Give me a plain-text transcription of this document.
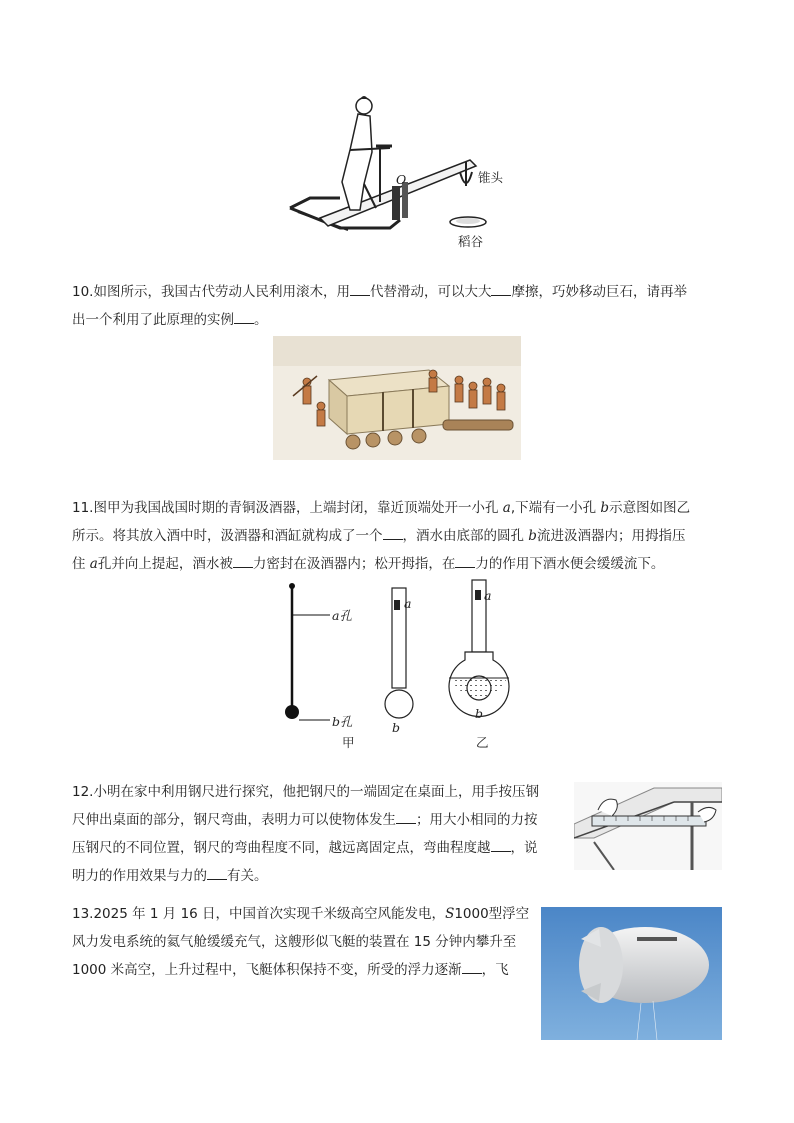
O	锥头
稻谷
10.如图所示，我国古代劳动人民利用滚木，用 代替滑动，可以大大 摩擦，巧妙移动巨石，请再举
出一个利用了此原理的实例 。
11.图甲为我国战国时期的青铜汲酒器，上端封闭，靠近顶端处开一小孔 a,下端有一小孔 b示意图如图乙
所示。将其放入酒中时，汲酒器和酒缸就构成了一个 ，酒水由底部的圆孔 b流进汲酒器内；用拇指压
住 a孔并向上提起，酒水被 力密封在汲酒器内；松开拇指，在 力的作用下酒水便会缓缓流下。
a孔
b孔
甲
a
b
a
b
乙
12.小明在家中利用钢尺进行探究，他把钢尺的一端固定在桌面上，用手按压钢
尺伸出桌面的部分，钢尺弯曲，表明力可以使物体发生 ；用大小相同的力按
压钢尺的不同位置，钢尺的弯曲程度不同，越远离固定点，弯曲程度越 ，说
明力的作用效果与力的 有关。
13.2025 年 1 月 16 日，中国首次实现千米级高空风能发电，S1000型浮空
风力发电系统的氦气舱缓缓充气，这艘形似飞艇的装置在 15 分钟内攀升至
1000 米高空，上升过程中，飞艇体积保持不变，所受的浮力逐渐 ，飞
